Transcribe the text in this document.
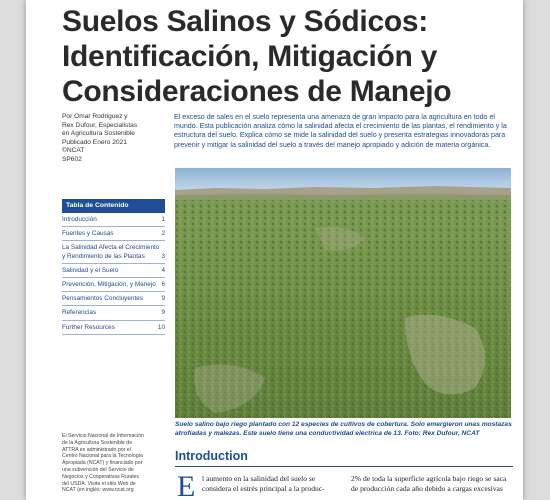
Suelos Salinos y Sódicos:
Identificación, Mitigación y
Consideraciones de Manejo
Por Omar Rodriguez y
Rex Dufour, Especialistas
en Agricultura Sostenible
Publicado Enero 2021
©NCAT
SP602
El exceso de sales en el suelo representa una amenaza de gran impacto para la agricultura en todo el mundo. Esta publicación analiza cómo la salinidad afecta el crecimiento de las plantas, el rendimiento y la estructura del suelo. Explica cómo se mide la salinidad del suelo y presenta estrategias innovadoras para prevenir y mitigar la salinidad del suelo a través del manejo apropiado y adición de materia orgánica.
Tabla de Contenido
Introducción	1
Fuentes y Causas	2
La Salinidad Afecta el Crecimiento y Rendimiento de las Plantas	3
Salinidad y el Suelo	4
Prevención, Mitigación, y Manejo 6
Pensamientos Concluyentes	9
Referencias	9
Further Resources	10
Suelo salino bajo riego plantado con 12 especies de cultivos de cobertura. Solo emergieron unas mostazas atrofiadas y malezas. Este suelo tiene una conductividad eléctrica de 13. Foto: Rex Dufour, NCAT
El Servicio Nacional de Información
de la Agricultura Sostenible de
ATTRA es administrado por el
Centro Nacional para la Tecnología
Apropiada (NCAT) y financiado por
una subvención del Servicio de
Negocios y Cooperativas Rurales
del USDA. Visite el sitio Web de
NCAT (en inglés: www.ncat.org
Introduction
E l aumento en la salinidad del suelo se
considera el estrés principal a la produc-
2% de toda la superficie agrícola bajo riego se saca
de producción cada año debido a cargas excesivas
